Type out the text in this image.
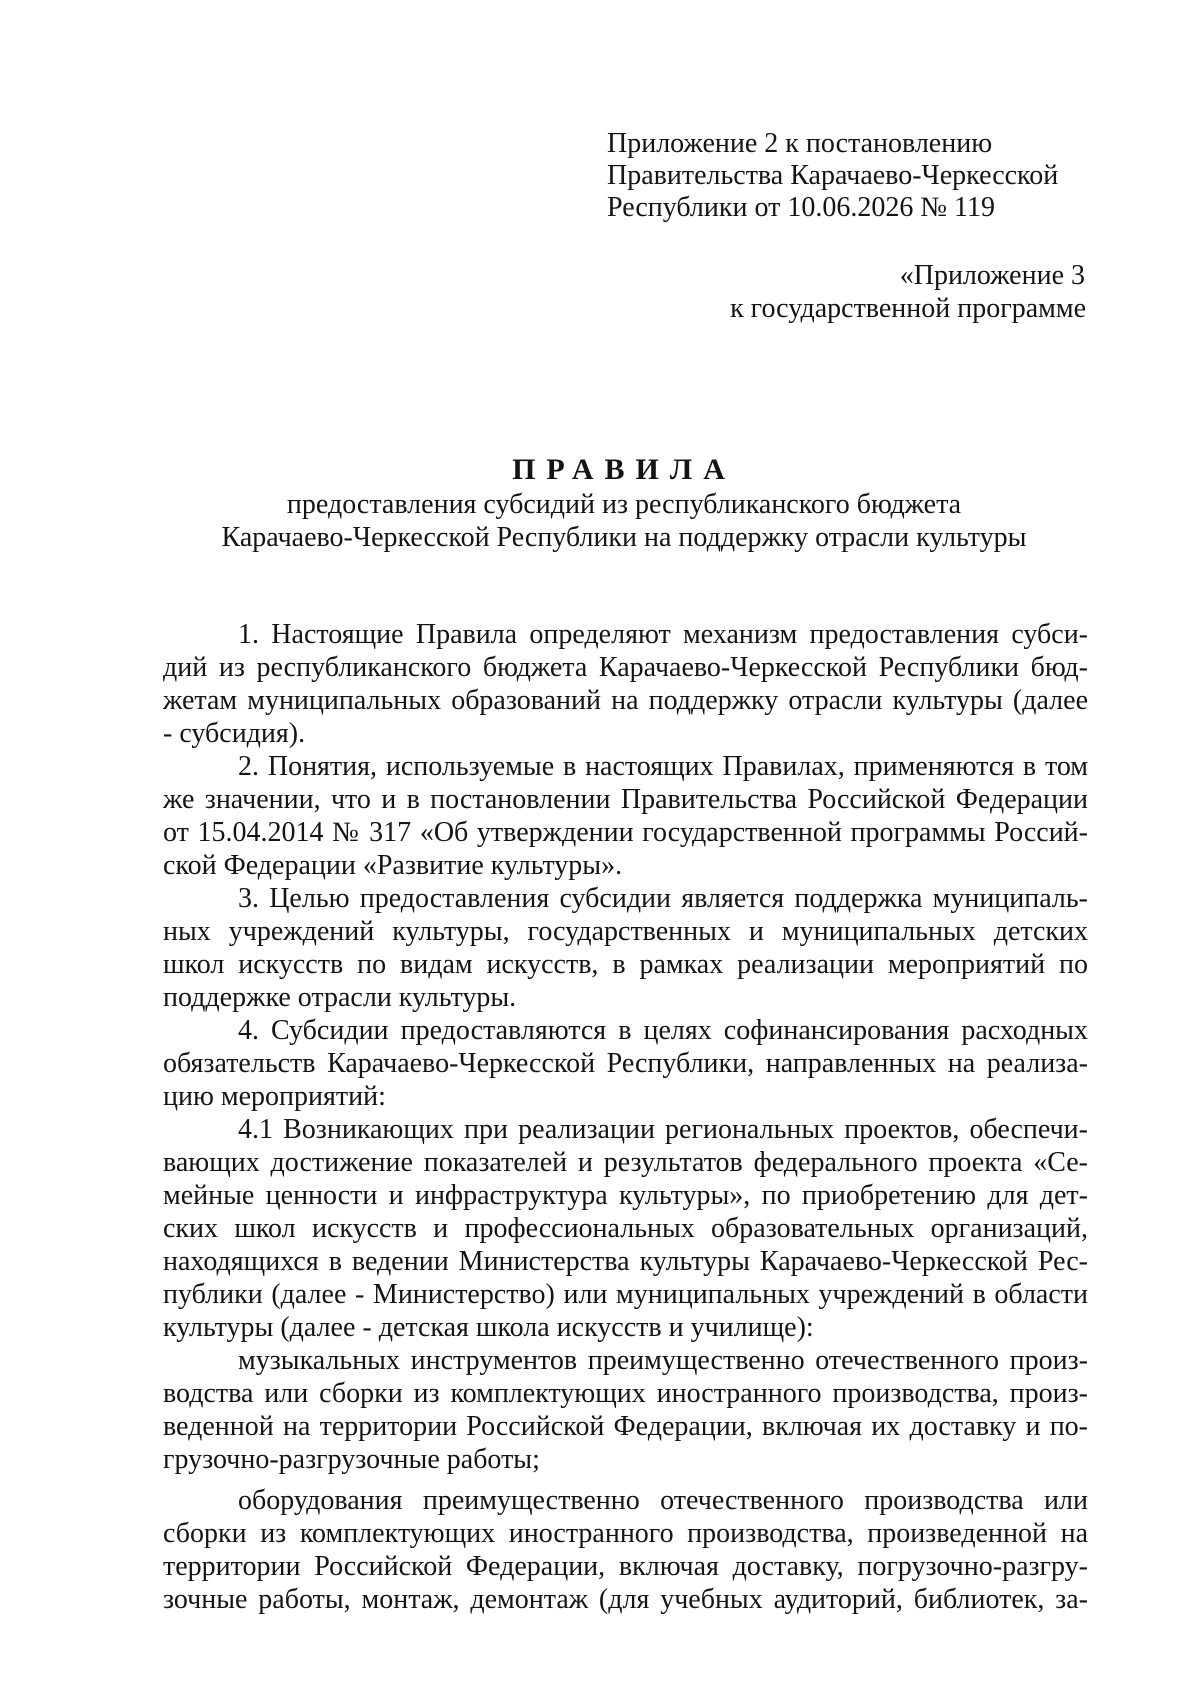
Приложение 2 к постановлению
Правительства Карачаево-Черкесской
Республики от 10.06.2026 № 119
«Приложение 3
к государственной программе
ПРАВИЛА
предоставления субсидий из республиканского бюджета
Карачаево-Черкесской Республики на поддержку отрасли культуры
1. Настоящие Правила определяют механизм предоставления субси-
дий из республиканского бюджета Карачаево-Черкесской Республики бюд-
жетам муниципальных образований на поддержку отрасли культуры (далее
- субсидия).
2. Понятия, используемые в настоящих Правилах, применяются в том
же значении, что и в постановлении Правительства Российской Федерации
от 15.04.2014 № 317 «Об утверждении государственной программы Россий-
ской Федерации «Развитие культуры».
3. Целью предоставления субсидии является поддержка муниципаль-
ных учреждений культуры, государственных и муниципальных детских
школ искусств по видам искусств, в рамках реализации мероприятий по
поддержке отрасли культуры.
4. Субсидии предоставляются в целях софинансирования расходных
обязательств Карачаево-Черкесской Республики, направленных на реализа-
цию мероприятий:
4.1 Возникающих при реализации региональных проектов, обеспечи-
вающих достижение показателей и результатов федерального проекта «Се-
мейные ценности и инфраструктура культуры», по приобретению для дет-
ских школ искусств и профессиональных образовательных организаций,
находящихся в ведении Министерства культуры Карачаево-Черкесской Рес-
публики (далее - Министерство) или муниципальных учреждений в области
культуры (далее - детская школа искусств и училище):
музыкальных инструментов преимущественно отечественного произ-
водства или сборки из комплектующих иностранного производства, произ-
веденной на территории Российской Федерации, включая их доставку и по-
грузочно-разгрузочные работы;
оборудования преимущественно отечественного производства или
сборки из комплектующих иностранного производства, произведенной на
территории Российской Федерации, включая доставку, погрузочно-разгру-
зочные работы, монтаж, демонтаж (для учебных аудиторий, библиотек, за-
